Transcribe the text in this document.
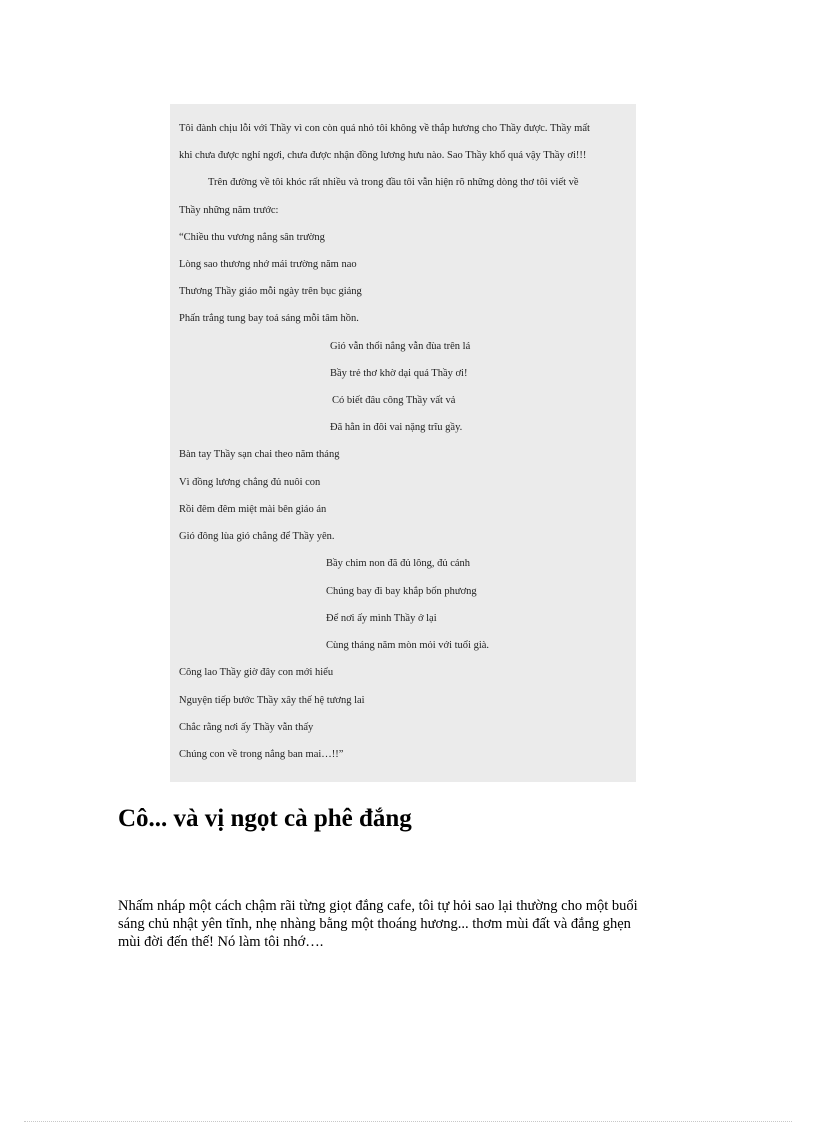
Tôi đành chịu lỗi với Thầy vì con còn quá nhỏ tôi không về thắp hương cho Thầy được. Thầy mất
khi chưa được nghỉ ngơi, chưa được nhận đồng lương hưu nào. Sao Thầy khổ quá vậy Thầy ơi!!!
Trên đường về tôi khóc rất nhiều và trong đầu tôi vẫn hiện rõ những dòng thơ tôi viết về
Thầy những năm trước:
“Chiều thu vương nắng sân trường
Lòng sao thương nhớ mái trường năm nao
Thương Thầy giáo mỗi ngày trên bục giảng
Phấn trắng tung bay toả sáng mỗi tâm hồn.
Gió vẫn thổi nắng vẫn đùa trên lá
Bầy trẻ thơ khờ dại quá Thầy ơi!
Có biết đâu công Thầy vất vả
Đã hằn in đôi vai nặng trĩu gầy.
Bàn tay Thầy sạn chai theo năm tháng
Vì đồng lương chẳng đủ nuôi con
Rồi đêm đêm miệt mài bên giáo án
Gió đông lùa gió chẳng để Thầy yên.
Bầy chim non đã đủ lông, đủ cánh
Chúng bay đi bay khắp bốn phương
Để nơi ấy mình Thầy ở lại
Cùng tháng năm mòn mỏi với tuổi già.
Công lao Thầy giờ đây con mới hiểu
Nguyện tiếp bước Thầy xây thế hệ tương lai
Chắc rằng nơi ấy Thầy vẫn thấy
Chúng con về trong nắng ban mai…!!”
Cô... và vị ngọt cà phê đắng

Nhấm nháp một cách chậm rãi từng giọt đắng cafe, tôi tự hỏi sao lại thường cho một buổi
sáng chủ nhật yên tĩnh, nhẹ nhàng bằng một thoáng hương... thơm mùi đất và đắng ghẹn
mùi đời đến thế! Nó làm tôi nhớ….
